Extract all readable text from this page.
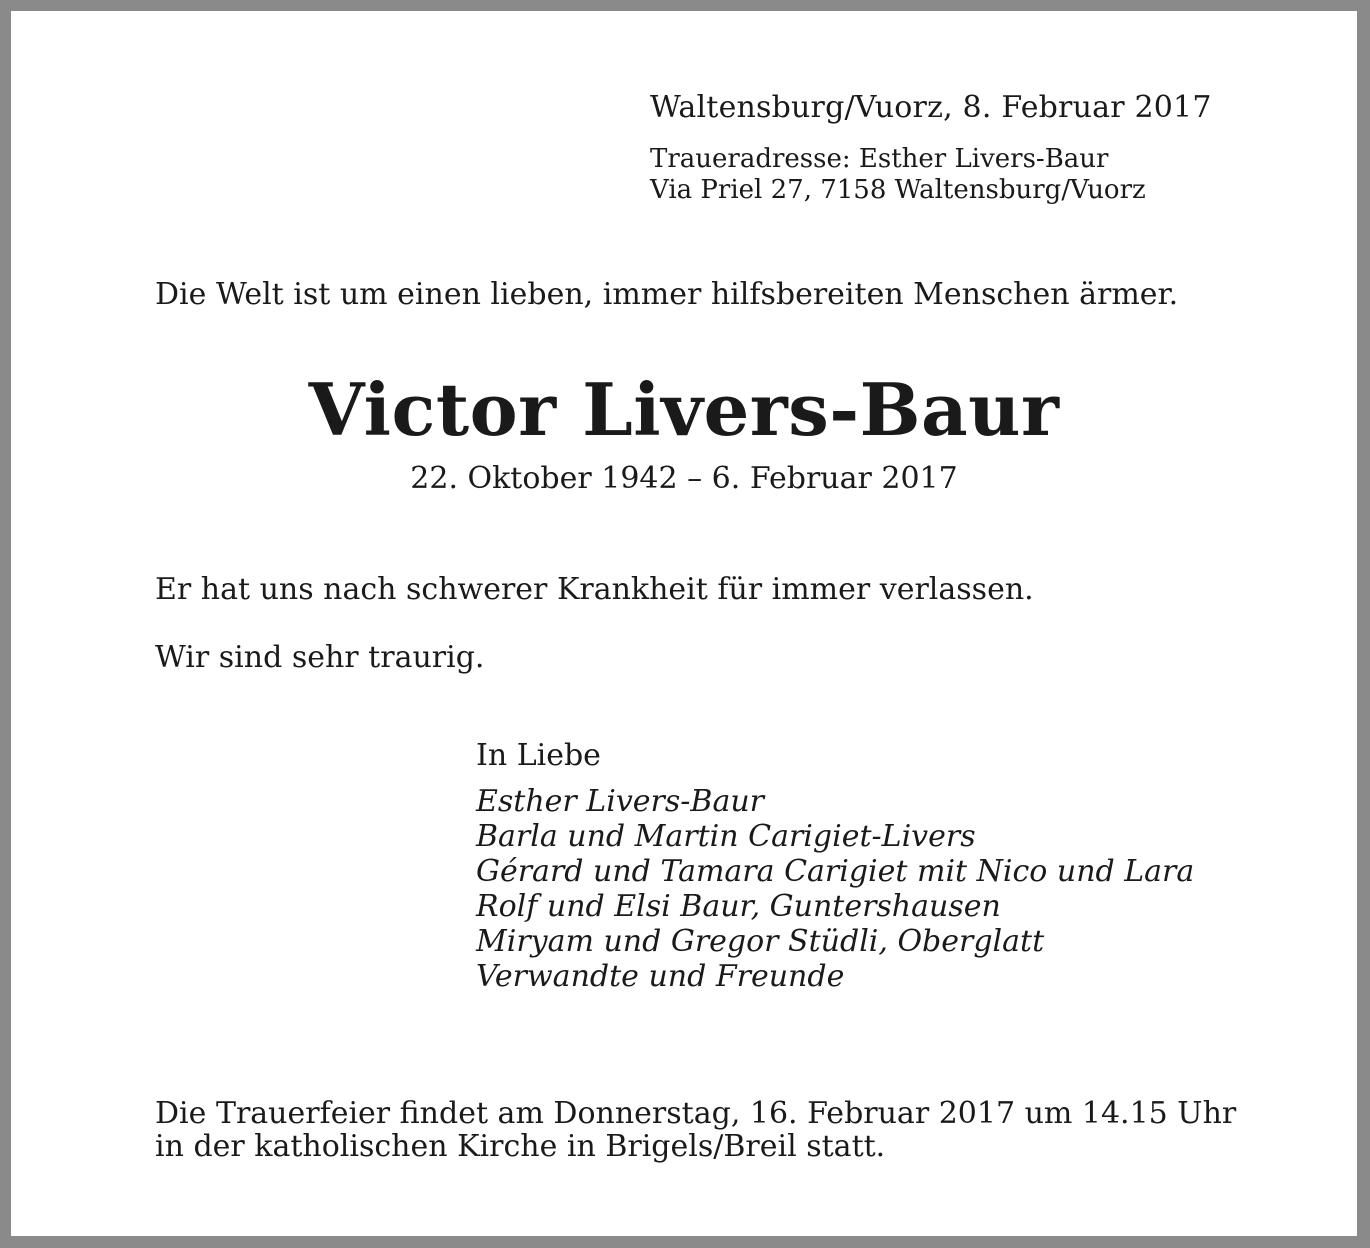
Waltensburg/Vuorz, 8. Februar 2017
Traueradresse: Esther Livers-Baur
Via Priel 27, 7158 Waltensburg/Vuorz
Die Welt ist um einen lieben, immer hilfsbereiten Menschen ärmer.
Victor Livers-Baur
22. Oktober 1942 – 6. Februar 2017
Er hat uns nach schwerer Krankheit für immer verlassen.
Wir sind sehr traurig.
In Liebe
Esther Livers-Baur
Barla und Martin Carigiet-Livers
Gérard und Tamara Carigiet mit Nico und Lara
Rolf und Elsi Baur, Guntershausen
Miryam und Gregor Stüdli, Oberglatt
Verwandte und Freunde
Die Trauerfeier findet am Donnerstag, 16. Februar 2017 um 14.15 Uhr
in der katholischen Kirche in Brigels/Breil statt.
